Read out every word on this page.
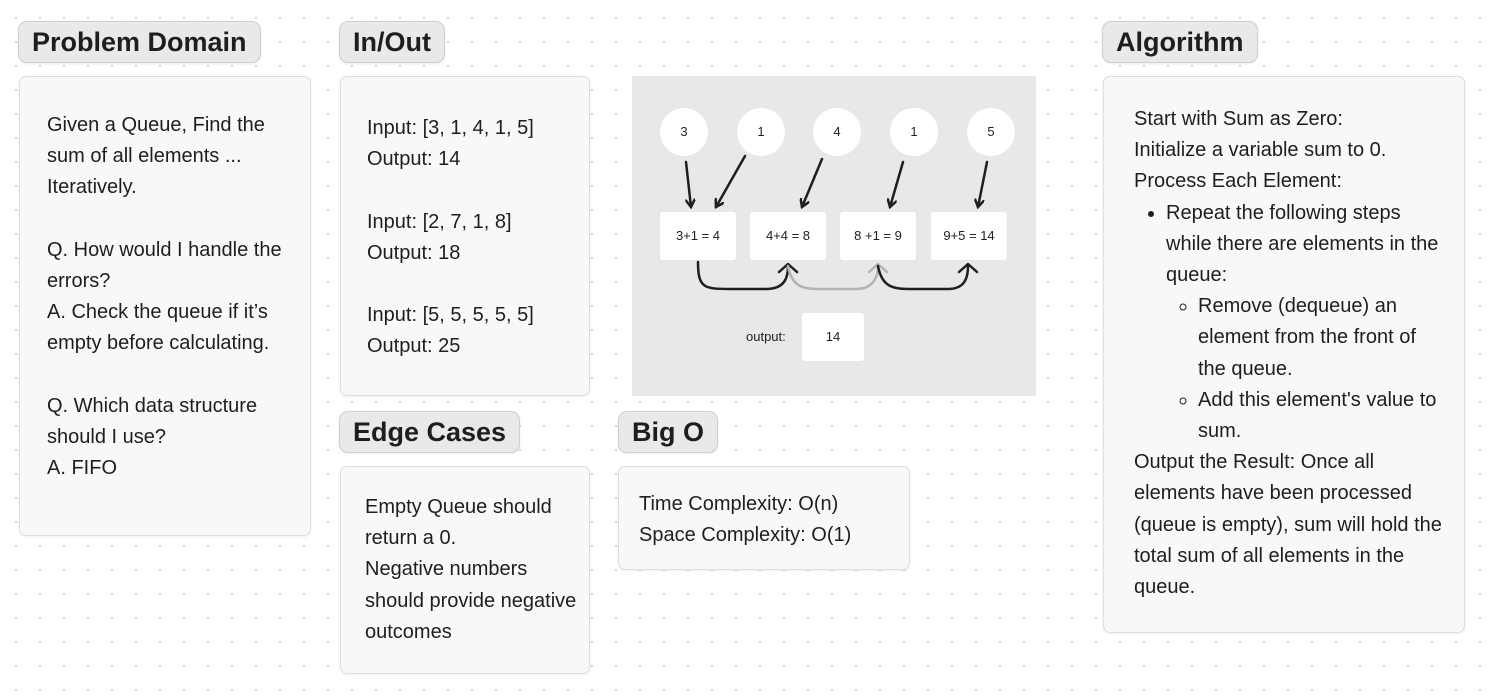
Problem Domain

Given a Queue, Find the sum of all elements ... Iteratively.

Q. How would I handle the errors?

A. Check the queue if it’s empty before calculating.

Q. Which data structure should I use?

A. FIFO

In/Out

Input: [3, 1, 4, 1, 5]

Output: 14

Input: [2, 7, 1, 8]

Output: 18

Input: [5, 5, 5, 5, 5]

Output: 25

3	1	4	1	5
3+1 = 4	4+4 = 8	8 +1 = 9	9+5 = 14
output:	14
Edge Cases

Empty Queue should return a 0.

Negative numbers should provide negative outcomes

Big O

Time Complexity: O(n)

Space Complexity: O(1)

Algorithm

Start with Sum as Zero:

Initialize a variable sum to 0.

Process Each Element:

• Repeat the following steps while there are elements in the queue:
◦ Remove (dequeue) an element from the front of the queue.
◦ Add this element's value to sum.

Output the Result: Once all elements have been processed (queue is empty), sum will hold the total sum of all elements in the queue.
